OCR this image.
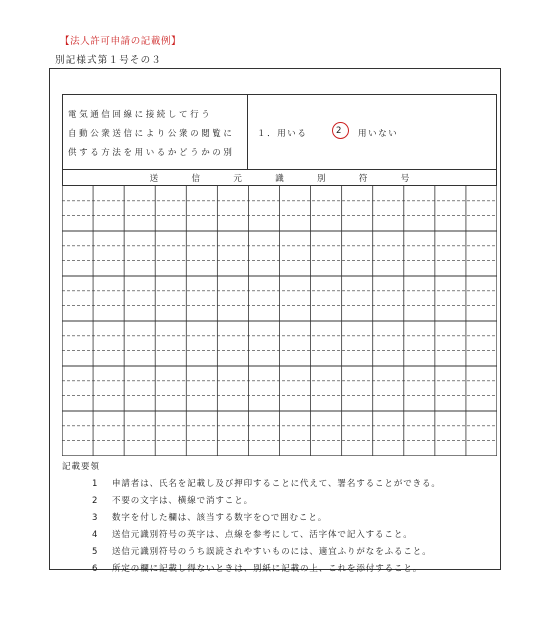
【法人許可申請の記載例】
別記様式第１号その３
電気通信回線に接続して行う
自動公衆送信により公衆の閲覧に
供する方法を用いるかどうかの別
１．用いる	2 用いない
送	信	元	識	別	符	号
記載要領
1 申請者は、氏名を記載し及び押印することに代えて、署名することができる。
2 不要の文字は、横線で消すこと。
3 数字を付した欄は、該当する数字を○で囲むこと。
4 送信元識別符号の英字は、点線を参考にして、活字体で記入すること。
5 送信元識別符号のうち誤読されやすいものには、適宜ふりがなをふること。
6 所定の欄に記載し得ないときは、別紙に記載の上、これを添付すること。
